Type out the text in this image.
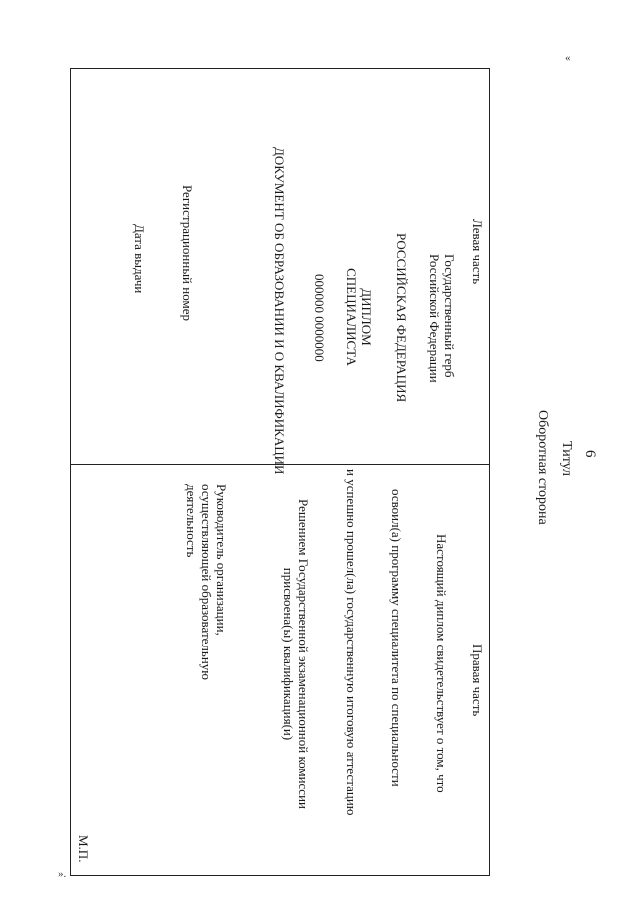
«
».
6
Титул
Оборотная сторона
Левая часть
Правая часть
Государственный герб Российской Федерации
РОССИЙСКАЯ ФЕДЕРАЦИЯ
ДИПЛОМ
СПЕЦИАЛИСТА
000000 0000000
ДОКУМЕНТ ОБ ОБРАЗОВАНИИ И О КВАЛИФИКАЦИИ
Регистрационный номер
Дата выдачи
Настоящий диплом свидетельствует о том, что
освоил(а) программу специалитета по специальности
и успешно прошел(ла) государственную итоговую аттестацию
Решением Государственной экзаменационной комиссии
присвоена(ы) квалификация(и)
Руководитель организации,
осуществляющей образовательную
деятельность
М.П.
